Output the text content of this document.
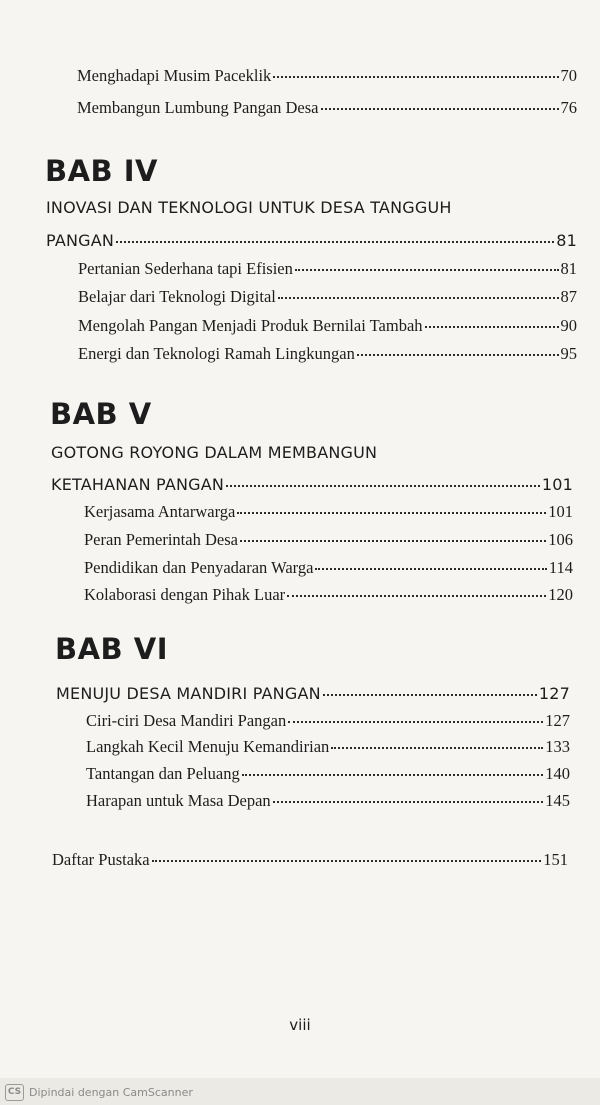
Menghadapi Musim Paceklik	70
Membangun Lumbung Pangan Desa	76
BAB IV
INOVASI DAN TEKNOLOGI UNTUK DESA TANGGUH
PANGAN	81
Pertanian Sederhana tapi Efisien	81
Belajar dari Teknologi Digital	87
Mengolah Pangan Menjadi Produk Bernilai Tambah	90
Energi dan Teknologi Ramah Lingkungan	95
BAB V
GOTONG ROYONG DALAM MEMBANGUN
KETAHANAN PANGAN	101
Kerjasama Antarwarga	101
Peran Pemerintah Desa	106
Pendidikan dan Penyadaran Warga	114
Kolaborasi dengan Pihak Luar	120
BAB VI
MENUJU DESA MANDIRI PANGAN	127
Ciri-ciri Desa Mandiri Pangan	127
Langkah Kecil Menuju Kemandirian	133
Tantangan dan Peluang	140
Harapan untuk Masa Depan	145
Daftar Pustaka	151
viii
CS Dipindai dengan CamScanner
